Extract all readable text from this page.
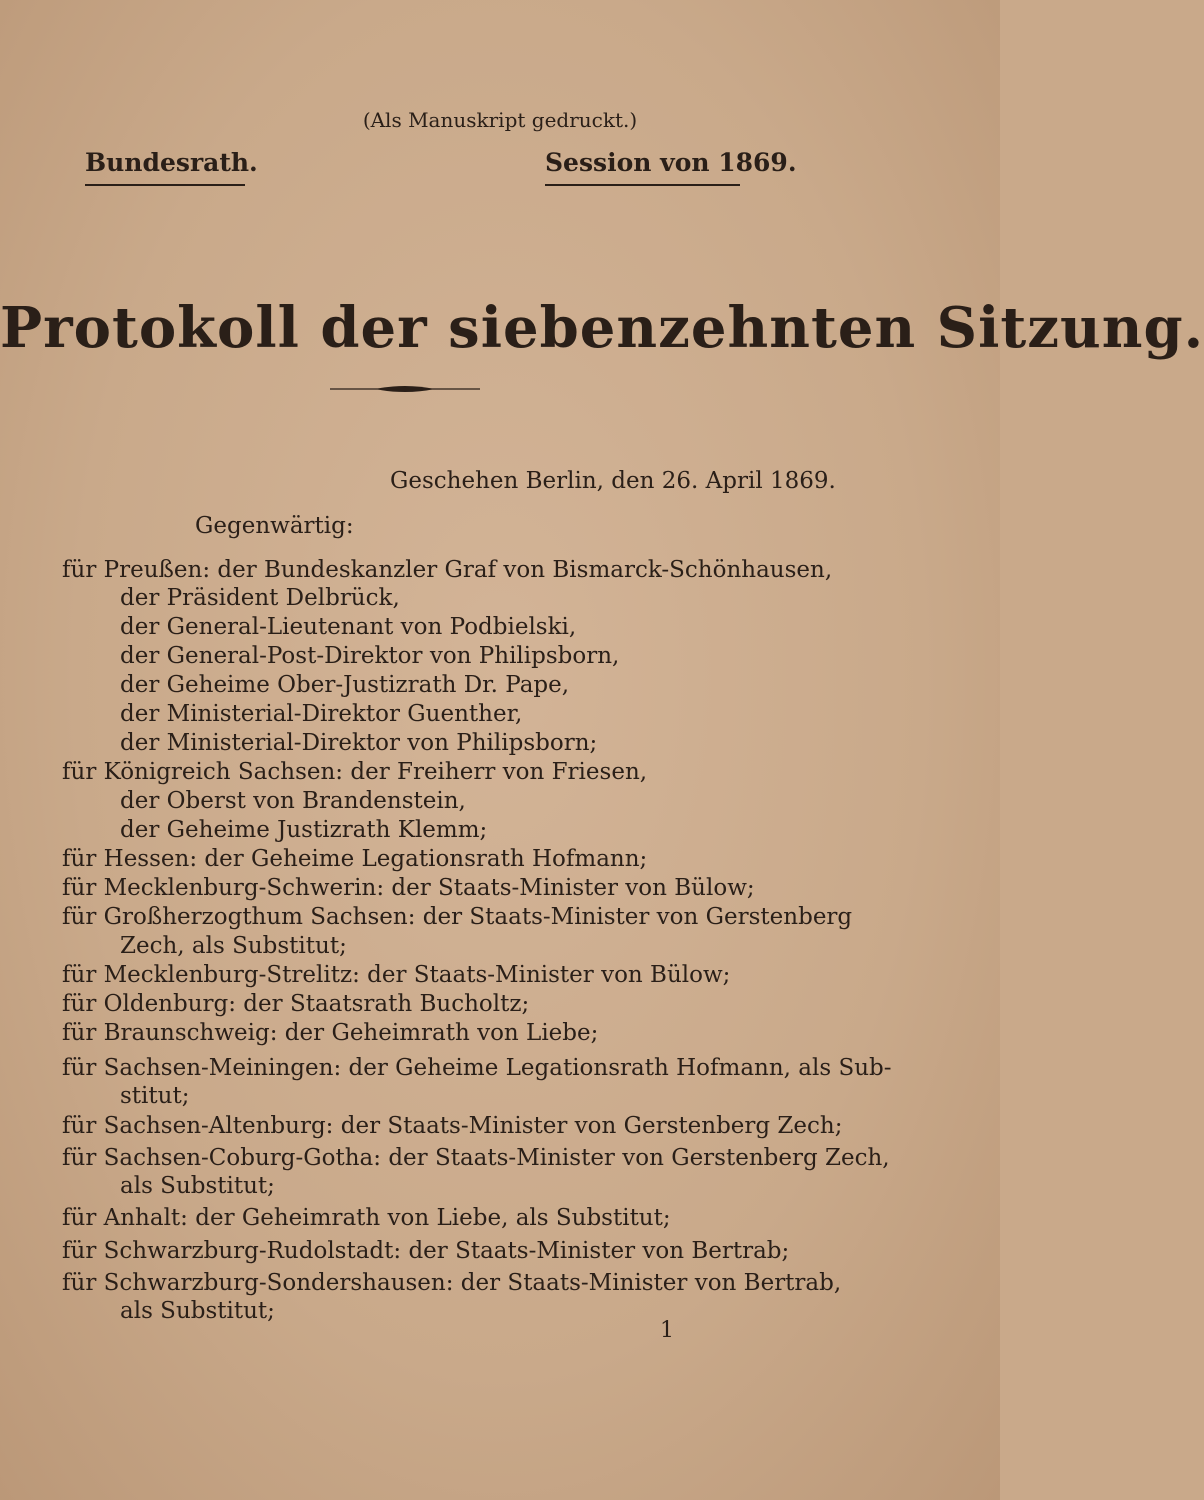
(Als Manuskript gedruckt.)

Bundesrath.	Session von 1869.

Protokoll der siebenzehnten Sitzung.

Geschehen Berlin, den 26. April 1869.

Gegenwärtig:
für Preußen: der Bundeskanzler Graf von Bismarck-Schönhausen,
der Präsident Delbrück,
der General-Lieutenant von Podbielski,
der General-Post-Direktor von Philipsborn,
der Geheime Ober-Justizrath Dr. Pape,
der Ministerial-Direktor Guenther,
der Ministerial-Direktor von Philipsborn;
für Königreich Sachsen: der Freiherr von Friesen,
der Oberst von Brandenstein,
der Geheime Justizrath Klemm;
für Hessen: der Geheime Legationsrath Hofmann;
für Mecklenburg-Schwerin: der Staats-Minister von Bülow;
für Großherzogthum Sachsen: der Staats-Minister von Gerstenberg
Zech, als Substitut;
für Mecklenburg-Strelitz: der Staats-Minister von Bülow;
für Oldenburg: der Staatsrath Bucholtz;
für Braunschweig: der Geheimrath von Liebe;
für Sachsen-Meiningen: der Geheime Legationsrath Hofmann, als Sub-
stitut;
für Sachsen-Altenburg: der Staats-Minister von Gerstenberg Zech;
für Sachsen-Coburg-Gotha: der Staats-Minister von Gerstenberg Zech,
als Substitut;
für Anhalt: der Geheimrath von Liebe, als Substitut;
für Schwarzburg-Rudolstadt: der Staats-Minister von Bertrab;
für Schwarzburg-Sondershausen: der Staats-Minister von Bertrab,
als Substitut;

1
